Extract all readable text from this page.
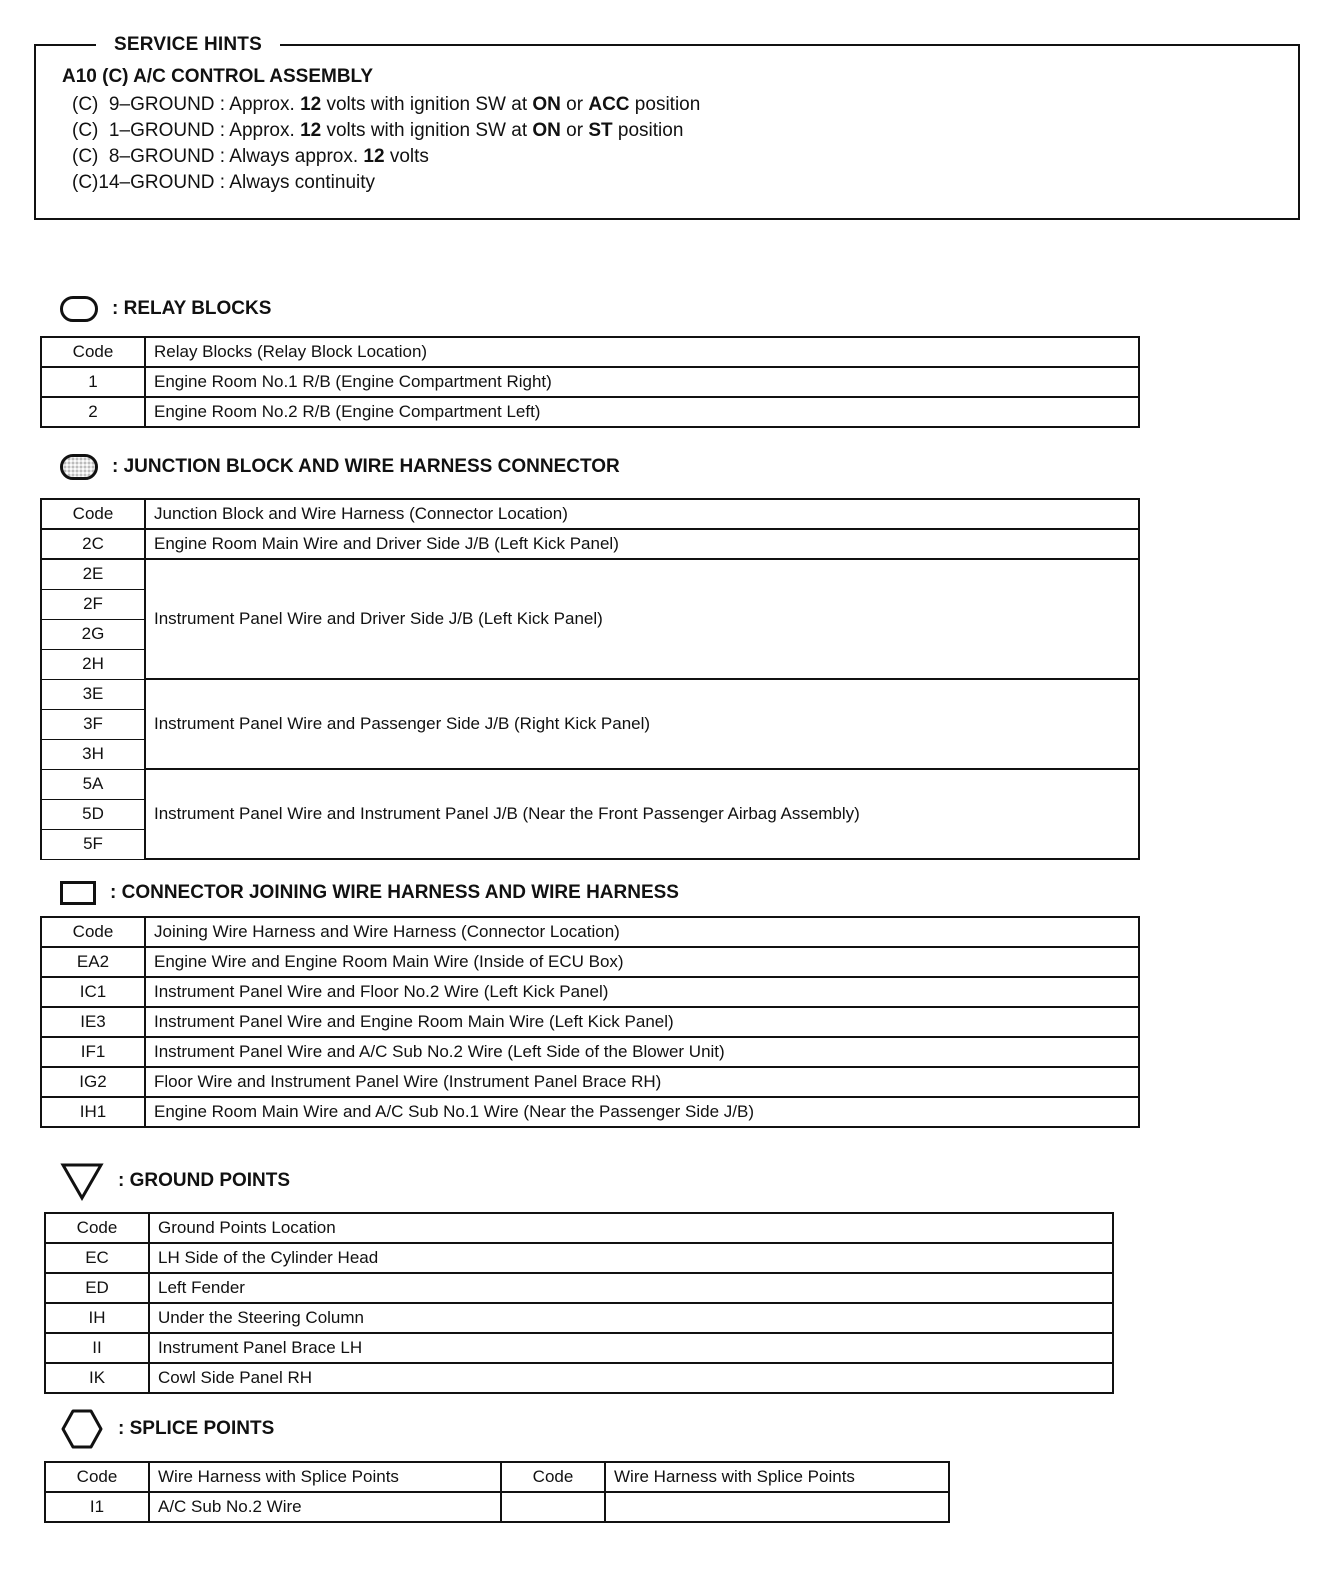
SERVICE HINTS
A10 (C) A/C CONTROL ASSEMBLY
(C)  9–GROUND : Approx. 12 volts with ignition SW at ON or ACC position
(C)  1–GROUND : Approx. 12 volts with ignition SW at ON or ST position
(C)  8–GROUND : Always approx. 12 volts
(C)14–GROUND : Always continuity
: RELAY BLOCKS
Code	Relay Blocks (Relay Block Location)
1	Engine Room No.1 R/B (Engine Compartment Right)
2	Engine Room No.2 R/B (Engine Compartment Left)
: JUNCTION BLOCK AND WIRE HARNESS CONNECTOR
Code	Junction Block and Wire Harness (Connector Location)
2C	Engine Room Main Wire and Driver Side J/B (Left Kick Panel)
2E	Instrument Panel Wire and Driver Side J/B (Left Kick Panel)
2F	
2G	
2H	
3E	Instrument Panel Wire and Passenger Side J/B (Right Kick Panel)
3F	
3H	
5A	Instrument Panel Wire and Instrument Panel J/B (Near the Front Passenger Airbag Assembly)
5D	
5F	
: CONNECTOR JOINING WIRE HARNESS AND WIRE HARNESS
Code	Joining Wire Harness and Wire Harness (Connector Location)
EA2	Engine Wire and Engine Room Main Wire (Inside of ECU Box)
IC1	Instrument Panel Wire and Floor No.2 Wire (Left Kick Panel)
IE3	Instrument Panel Wire and Engine Room Main Wire (Left Kick Panel)
IF1	Instrument Panel Wire and A/C Sub No.2 Wire (Left Side of the Blower Unit)
IG2	Floor Wire and Instrument Panel Wire (Instrument Panel Brace RH)
IH1	Engine Room Main Wire and A/C Sub No.1 Wire (Near the Passenger Side J/B)
: GROUND POINTS
Code	Ground Points Location
EC	LH Side of the Cylinder Head
ED	Left Fender
IH	Under the Steering Column
II	Instrument Panel Brace LH
IK	Cowl Side Panel RH
: SPLICE POINTS
Code	Wire Harness with Splice Points	Code	Wire Harness with Splice Points
I1	A/C Sub No.2 Wire		
